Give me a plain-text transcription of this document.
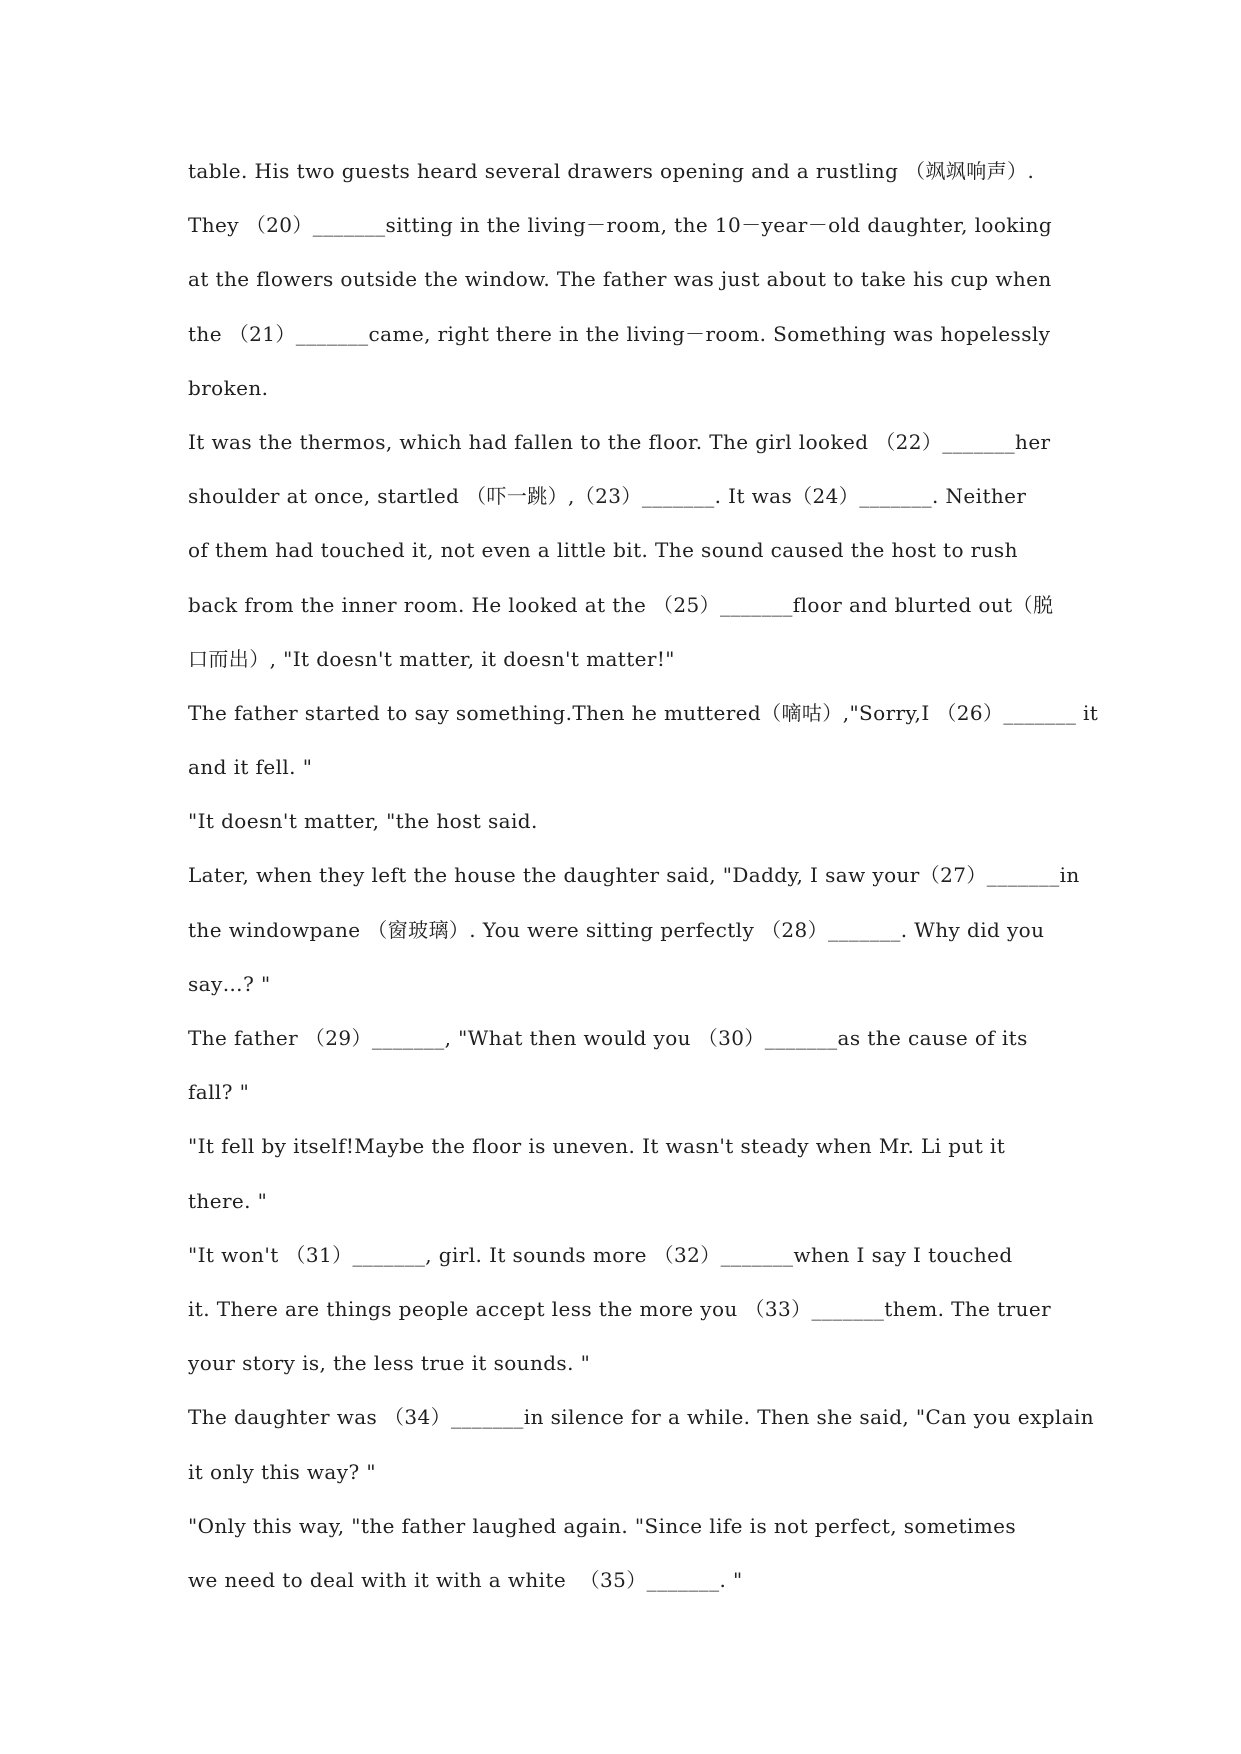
table. His two guests heard several drawers opening and a rustling （飒飒响声）.
They （20）_______sitting in the living－room, the 10－year－old daughter, looking
at the flowers outside the window. The father was just about to take his cup when
the （21）_______came, right there in the living－room. Something was hopelessly
broken.
It was the thermos, which had fallen to the floor. The girl looked （22）_______her
shoulder at once, startled （吓一跳）,（23）_______. It was（24）_______. Neither
of them had touched it, not even a little bit. The sound caused the host to rush
back from the inner room. He looked at the （25）_______floor and blurted out（脱
口而出）, "It doesn't matter, it doesn't matter!"
The father started to say something.Then he muttered（嘀咕）,"Sorry,I （26）_______ it
and it fell. "
"It doesn't matter, "the host said.
Later, when they left the house the daughter said, "Daddy, I saw your（27）_______in
the windowpane （窗玻璃）. You were sitting perfectly （28）_______. Why did you
say…? "
The father （29）_______, "What then would you （30）_______as the cause of its
fall? "
"It fell by itself!Maybe the floor is uneven. It wasn't steady when Mr. Li put it
there. "
"It won't （31）_______, girl. It sounds more （32）_______when I say I touched
it. There are things people accept less the more you （33）_______them. The truer
your story is, the less true it sounds. "
The daughter was （34）_______in silence for a while. Then she said, "Can you explain
it only this way? "
"Only this way, "the father laughed again. "Since life is not perfect, sometimes
we need to deal with it with a white  （35）_______. "
